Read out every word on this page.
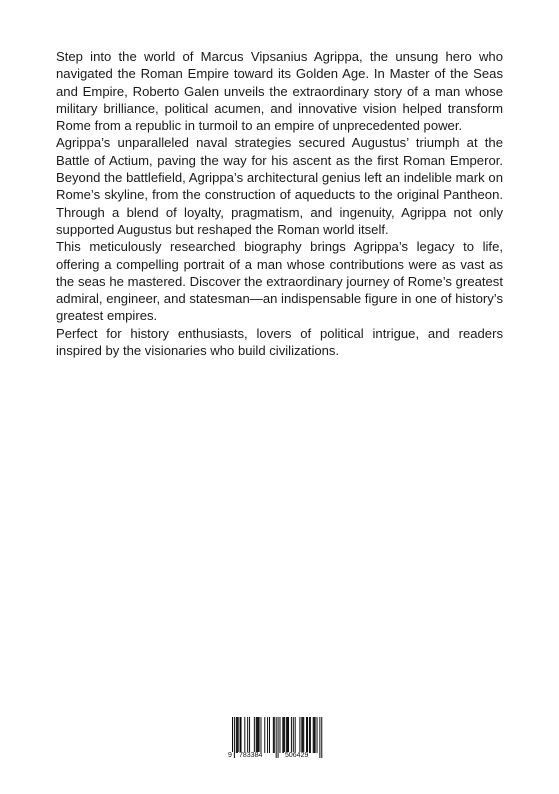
Step into the world of Marcus Vipsanius Agrippa, the unsung hero who navigated the Roman Empire toward its Golden Age. In Master of the Seas and Empire, Roberto Galen unveils the extraordinary story of a man whose military brilliance, political acumen, and innovative vision helped transform Rome from a republic in turmoil to an empire of unprecedented power.

Agrippa’s unparalleled naval strategies secured Augustus’ triumph at the Battle of Actium, paving the way for his ascent as the first Roman Emperor. Beyond the battlefield, Agrippa’s architectural genius left an indelible mark on Rome’s skyline, from the construction of aqueducts to the original Pantheon. Through a blend of loyalty, pragmatism, and ingenuity, Agrippa not only supported Augustus but reshaped the Roman world itself.

This meticulously researched biography brings Agrippa’s legacy to life, offering a compelling portrait of a man whose contributions were as vast as the seas he mastered. Discover the extraordinary journey of Rome’s greatest admiral, engineer, and statesman—an indispensable figure in one of history’s greatest empires.

Perfect for history enthusiasts, lovers of political intrigue, and readers inspired by the visionaries who build civilizations.

9 783384	506429
